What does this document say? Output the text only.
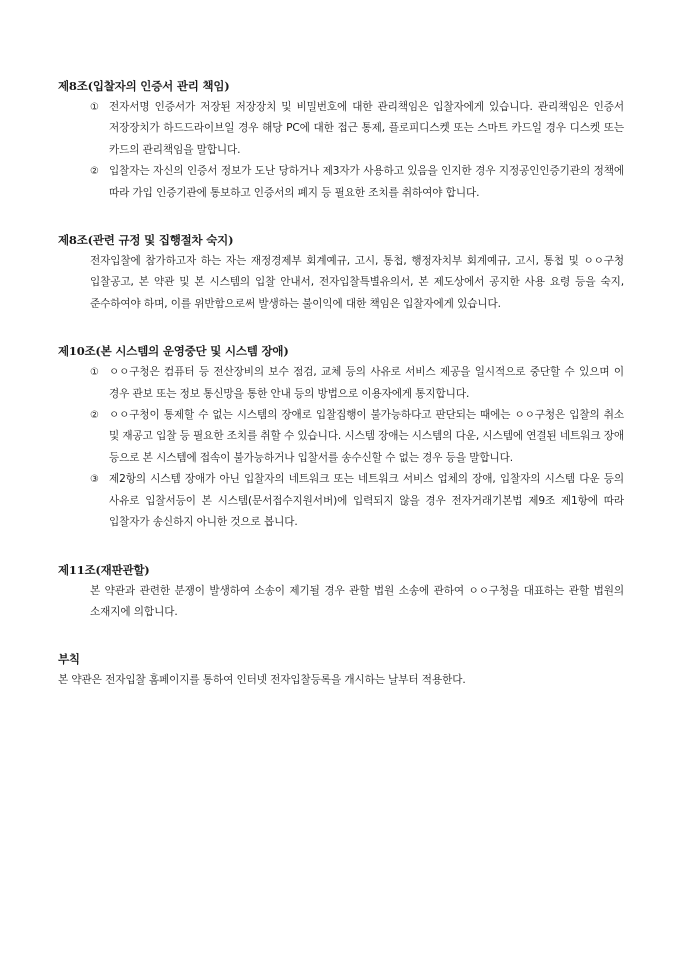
제8조(입찰자의 인증서 관리 책임)
① 전자서명 인증서가 저장된 저장장치 및 비밀번호에 대한 관리책임은 입찰자에게 있습니다. 관리책임은 인증서 저장장치가 하드드라이브일 경우 해당 PC에 대한 접근 통제, 플로피디스켓 또는 스마트 카드일 경우 디스켓 또는 카드의 관리책임을 말합니다.
② 입찰자는 자신의 인증서 정보가 도난 당하거나 제3자가 사용하고 있음을 인지한 경우 지정공인인증기관의 정책에 따라 가입 인증기관에 통보하고 인증서의 폐지 등 필요한 조치를 취하여야 합니다.
제8조(관련 규정 및 집행절차 숙지)
전자입찰에 참가하고자 하는 자는 재정경제부 회계예규, 고시, 통첩, 행정자치부 회계예규, 고시, 통첩 및 ㅇㅇ구청 입찰공고, 본 약관 및 본 시스템의 입찰 안내서, 전자입찰특별유의서, 본 제도상에서 공지한 사용 요령 등을 숙지, 준수하여야 하며, 이를 위반함으로써 발생하는 불이익에 대한 책임은 입찰자에게 있습니다.
제10조(본 시스템의 운영중단 및 시스템 장애)
① ㅇㅇ구청은 컴퓨터 등 전산장비의 보수 점검, 교체 등의 사유로 서비스 제공을 일시적으로 중단할 수 있으며 이 경우 관보 또는 정보 통신망을 통한 안내 등의 방법으로 이용자에게 통지합니다.
② ㅇㅇ구청이 통제할 수 없는 시스템의 장애로 입찰집행이 불가능하다고 판단되는 때에는 ㅇㅇ구청은 입찰의 취소 및 재공고 입찰 등 필요한 조치를 취할 수 있습니다. 시스템 장애는 시스템의 다운, 시스템에 연결된 네트워크 장애 등으로 본 시스템에 접속이 불가능하거나 입찰서를 송수신할 수 없는 경우 등을 말합니다.
③ 제2항의 시스템 장애가 아닌 입찰자의 네트워크 또는 네트워크 서비스 업체의 장애, 입찰자의 시스템 다운 등의 사유로 입찰서등이 본 시스템(문서접수지원서버)에 입력되지 않을 경우 전자거래기본법 제9조 제1항에 따라 입찰자가 송신하지 아니한 것으로 봅니다.
제11조(재판관할)
본 약관과 관련한 분쟁이 발생하여 소송이 제기될 경우 관할 법원 소송에 관하여 ㅇㅇ구청을 대표하는 관할 법원의 소재지에 의합니다.
부칙
본 약관은 전자입찰 홈페이지를 통하여 인터넷 전자입찰등록을 개시하는 날부터 적용한다.
